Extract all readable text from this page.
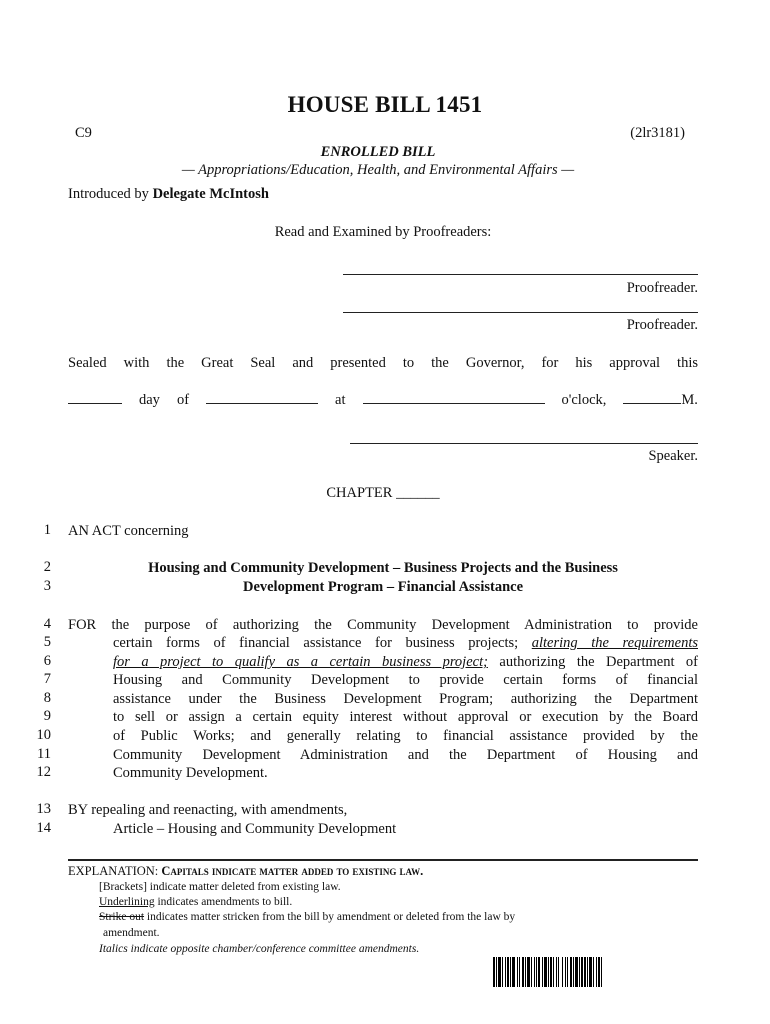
HOUSE BILL 1451
C9	(2lr3181)
ENROLLED BILL
— Appropriations/Education, Health, and Environmental Affairs —
Introduced by Delegate McIntosh
Read and Examined by Proofreaders:
Proofreader.
Proofreader.
Sealed with the Great Seal and presented to the Governor, for his approval this
day of	at	o'clock,	M.
Speaker.
CHAPTER ______
1 AN ACT concerning
2	Housing and Community Development – Business Projects and the Business
3	Development Program – Financial Assistance
4 FOR the purpose of authorizing the Community Development Administration to provide
5	certain forms of financial assistance for business projects; altering the requirements
6	for a project to qualify as a certain business project; authorizing the Department of
7	Housing and Community Development to provide certain forms of financial
8	assistance under the Business Development Program; authorizing the Department
9	to sell or assign a certain equity interest without approval or execution by the Board
10	of Public Works; and generally relating to financial assistance provided by the
11	Community Development Administration and the Department of Housing and
12	Community Development.
13 BY repealing and reenacting, with amendments,
14	Article – Housing and Community Development
EXPLANATION: Capitals indicate matter added to existing law.
[Brackets] indicate matter deleted from existing law.
Underlining indicates amendments to bill.
Strike out indicates matter stricken from the bill by amendment or deleted from the law by
amendment.
Italics indicate opposite chamber/conference committee amendments.
